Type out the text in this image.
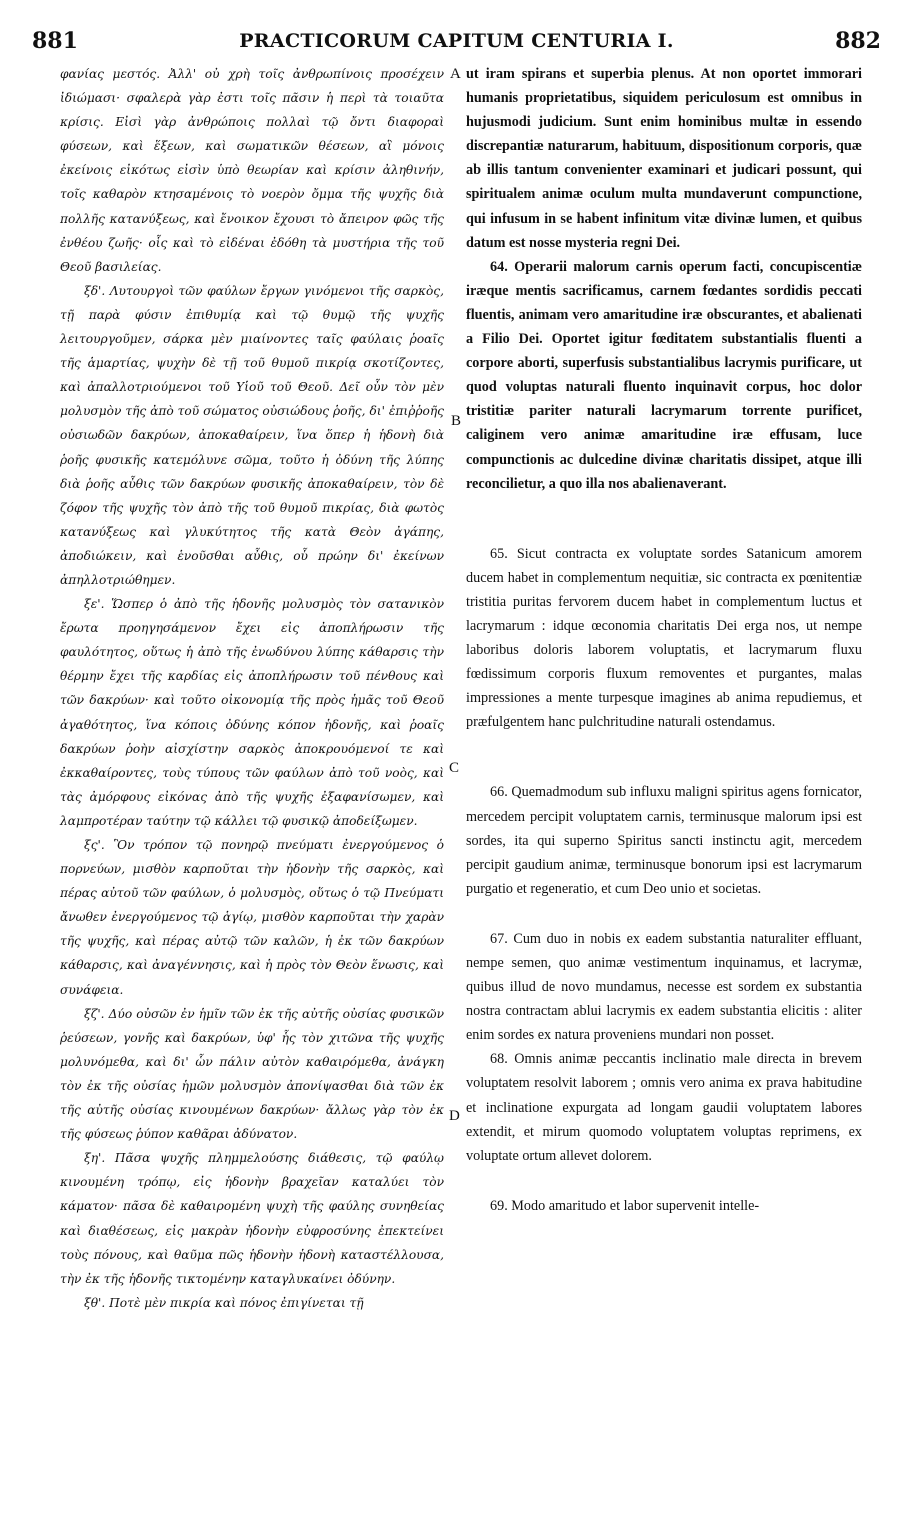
881	PRACTICORUM CAPITUM CENTURIA I.	882

φανίας μεστός. Ἀλλ' οὐ χρὴ τοῖς ἀνθρωπίνοις προσέχειν ἰδιώμασι· σφαλερὰ γὰρ ἐστι τοῖς πᾶσιν ἡ περὶ τὰ τοιαῦτα κρίσις. Εἰσὶ γὰρ ἀνθρώποις πολλαὶ τῷ ὄντι διαφοραὶ φύσεων, καὶ ἕξεων, καὶ σωματικῶν θέσεων, αἳ μόνοις ἐκείνοις εἰκότως εἰσὶν ὑπὸ θεωρίαν καὶ κρίσιν ἀληθινήν, τοῖς καθαρὸν κτησαμένοις τὸ νοερὸν ὄμμα τῆς ψυχῆς διὰ πολλῆς κατανύξεως, καὶ ἔνοικον ἔχουσι τὸ ἄπειρον φῶς τῆς ἐνθέου ζωῆς· οἷς καὶ τὸ εἰδέναι ἐδόθη τὰ μυστήρια τῆς τοῦ Θεοῦ βασιλείας.

ξδ'. Λυτουργοὶ τῶν φαύλων ἔργων γινόμενοι τῆς σαρκὸς, τῇ παρὰ φύσιν ἐπιθυμίᾳ καὶ τῷ θυμῷ τῆς ψυχῆς λειτουργοῦμεν, σάρκα μὲν μιαίνοντες ταῖς φαύλαις ῥοαῖς τῆς ἁμαρτίας, ψυχὴν δὲ τῇ τοῦ θυμοῦ πικρίᾳ σκοτίζοντες, καὶ ἀπαλλοτριούμενοι τοῦ Υἱοῦ τοῦ Θεοῦ. Δεῖ οὖν τὸν μὲν μολυσμὸν τῆς ἀπὸ τοῦ σώματος οὐσιώδους ῥοῆς, δι' ἐπιῤῥοῆς οὐσιωδῶν δακρύων, ἀποκαθαίρειν, ἵνα ὅπερ ἡ ἡδονὴ διὰ ῥοῆς φυσικῆς κατεμόλυνε σῶμα, τοῦτο ἡ ὀδύνη τῆς λύπης διὰ ῥοῆς αὖθις τῶν δακρύων φυσικῆς ἀποκαθαίρειν, τὸν δὲ ζόφον τῆς ψυχῆς τὸν ἀπὸ τῆς τοῦ θυμοῦ πικρίας, διὰ φωτὸς κατανύξεως καὶ γλυκύτητος τῆς κατὰ Θεὸν ἀγάπης, ἀποδιώκειν, καὶ ἑνοῦσθαι αὖθις, οὗ πρώην δι' ἐκείνων ἀπηλλοτριώθημεν.

ξε'. Ὥσπερ ὁ ἀπὸ τῆς ἡδονῆς μολυσμὸς τὸν σατανικὸν ἔρωτα προηγησάμενον ἔχει εἰς ἀποπλήρωσιν τῆς φαυλότητος, οὕτως ἡ ἀπὸ τῆς ἐνωδύνου λύπης κάθαρσις τὴν θέρμην ἔχει τῆς καρδίας εἰς ἀποπλήρωσιν τοῦ πένθους καὶ τῶν δακρύων· καὶ τοῦτο οἰκονομίᾳ τῆς πρὸς ἡμᾶς τοῦ Θεοῦ ἀγαθότητος, ἵνα κόποις ὀδύνης κόπον ἡδονῆς, καὶ ῥοαῖς δακρύων ῥοὴν αἰσχίστην σαρκὸς ἀποκρουόμενοί τε καὶ ἐκκαθαίροντες, τοὺς τύπους τῶν φαύλων ἀπὸ τοῦ νοὸς, καὶ τὰς ἀμόρφους εἰκόνας ἀπὸ τῆς ψυχῆς ἐξαφανίσωμεν, καὶ λαμπροτέραν ταύτην τῷ κάλλει τῷ φυσικῷ ἀποδείξωμεν.

ξς'. Ὃν τρόπον τῷ πονηρῷ πνεύματι ἐνεργούμενος ὁ πορνεύων, μισθὸν καρποῦται τὴν ἡδονὴν τῆς σαρκὸς, καὶ πέρας αὐτοῦ τῶν φαύλων, ὁ μολυσμὸς, οὕτως ὁ τῷ Πνεύματι ἄνωθεν ἐνεργούμενος τῷ ἁγίῳ, μισθὸν καρποῦται τὴν χαρὰν τῆς ψυχῆς, καὶ πέρας αὐτῷ τῶν καλῶν, ἡ ἐκ τῶν δακρύων κάθαρσις, καὶ ἀναγέννησις, καὶ ἡ πρὸς τὸν Θεὸν ἕνωσις, καὶ συνάφεια.

ξζ'. Δύο οὐσῶν ἐν ἡμῖν τῶν ἐκ τῆς αὐτῆς οὐσίας φυσικῶν ῥεύσεων, γονῆς καὶ δακρύων, ὑφ' ἧς τὸν χιτῶνα τῆς ψυχῆς μολυνόμεθα, καὶ δι' ὧν πάλιν αὐτὸν καθαιρόμεθα, ἀνάγκη τὸν ἐκ τῆς οὐσίας ἡμῶν μολυσμὸν ἀπονίψασθαι διὰ τῶν ἐκ τῆς αὐτῆς οὐσίας κινουμένων δακρύων· ἄλλως γὰρ τὸν ἐκ τῆς φύσεως ῥύπον καθᾶραι ἀδύνατον.

ξη'. Πᾶσα ψυχῆς πλημμελούσης διάθεσις, τῷ φαύλῳ κινουμένη τρόπῳ, εἰς ἡδονὴν βραχεῖαν καταλύει τὸν κάματον· πᾶσα δὲ καθαιρομένη ψυχὴ τῆς φαύλης συνηθείας καὶ διαθέσεως, εἰς μακρὰν ἡδονὴν εὐφροσύνης ἐπεκτείνει τοὺς πόνους, καὶ θαῦμα πῶς ἡδονὴν ἡδονὴ καταστέλλουσα, τὴν ἐκ τῆς ἡδονῆς τικτομένην καταγλυκαίνει ὀδύνην.

ξθ'. Ποτὲ μὲν πικρία καὶ πόνος ἐπιγίνεται τῇ

A
B
C
D

ut iram spirans et superbia plenus. At non oportet immorari humanis proprietatibus, siquidem periculosum est omnibus in hujusmodi judicium. Sunt enim hominibus multæ in essendo discrepantiæ naturarum, habituum, dispositionum corporis, quæ ab illis tantum convenienter examinari et judicari possunt, qui spiritualem animæ oculum multa mundaverunt compunctione, qui infusum in se habent infinitum vitæ divinæ lumen, et quibus datum est nosse mysteria regni Dei.

64. Operarii malorum carnis operum facti, concupiscentiæ iræque mentis sacrificamus, carnem fœdantes sordidis peccati fluentis, animam vero amaritudine iræ obscurantes, et abalienati a Filio Dei. Oportet igitur fœditatem substantialis fluenti a corpore aborti, superfusis substantialibus lacrymis purificare, ut quod voluptas naturali fluento inquinavit corpus, hoc dolor tristitiæ pariter naturali lacrymarum torrente purificet, caliginem vero animæ amaritudine iræ effusam, luce compunctionis ac dulcedine divinæ charitatis dissipet, atque illi reconcilietur, a quo illa nos abalienaverant.

65. Sicut contracta ex voluptate sordes Satanicum amorem ducem habet in complementum nequitiæ, sic contracta ex pœnitentiæ tristitia puritas fervorem ducem habet in complementum luctus et lacrymarum : idque œconomia charitatis Dei erga nos, ut nempe laboribus doloris laborem voluptatis, et lacrymarum fluxu fœdissimum corporis fluxum removentes et purgantes, malas impressiones a mente turpesque imagines ab anima repudiemus, et præfulgentem hanc pulchritudine naturali ostendamus.

66. Quemadmodum sub influxu maligni spiritus agens fornicator, mercedem percipit voluptatem carnis, terminusque malorum ipsi est sordes, ita qui superno Spiritus sancti instinctu agit, mercedem percipit gaudium animæ, terminusque bonorum ipsi est lacrymarum purgatio et regeneratio, et cum Deo unio et societas.

67. Cum duo in nobis ex eadem substantia naturaliter effluant, nempe semen, quo animæ vestimentum inquinamus, et lacrymæ, quibus illud de novo mundamus, necesse est sordem ex substantia nostra contractam ablui lacrymis ex eadem substantia elicitis : aliter enim sordes ex natura proveniens mundari non posset.

68. Omnis animæ peccantis inclinatio male directa in brevem voluptatem resolvit laborem ; omnis vero anima ex prava habitudine et inclinatione expurgata ad longam gaudii voluptatem labores extendit, et mirum quomodo voluptatem voluptas reprimens, ex voluptate ortum allevet dolorem.

69. Modo amaritudo et labor supervenit intelle-
